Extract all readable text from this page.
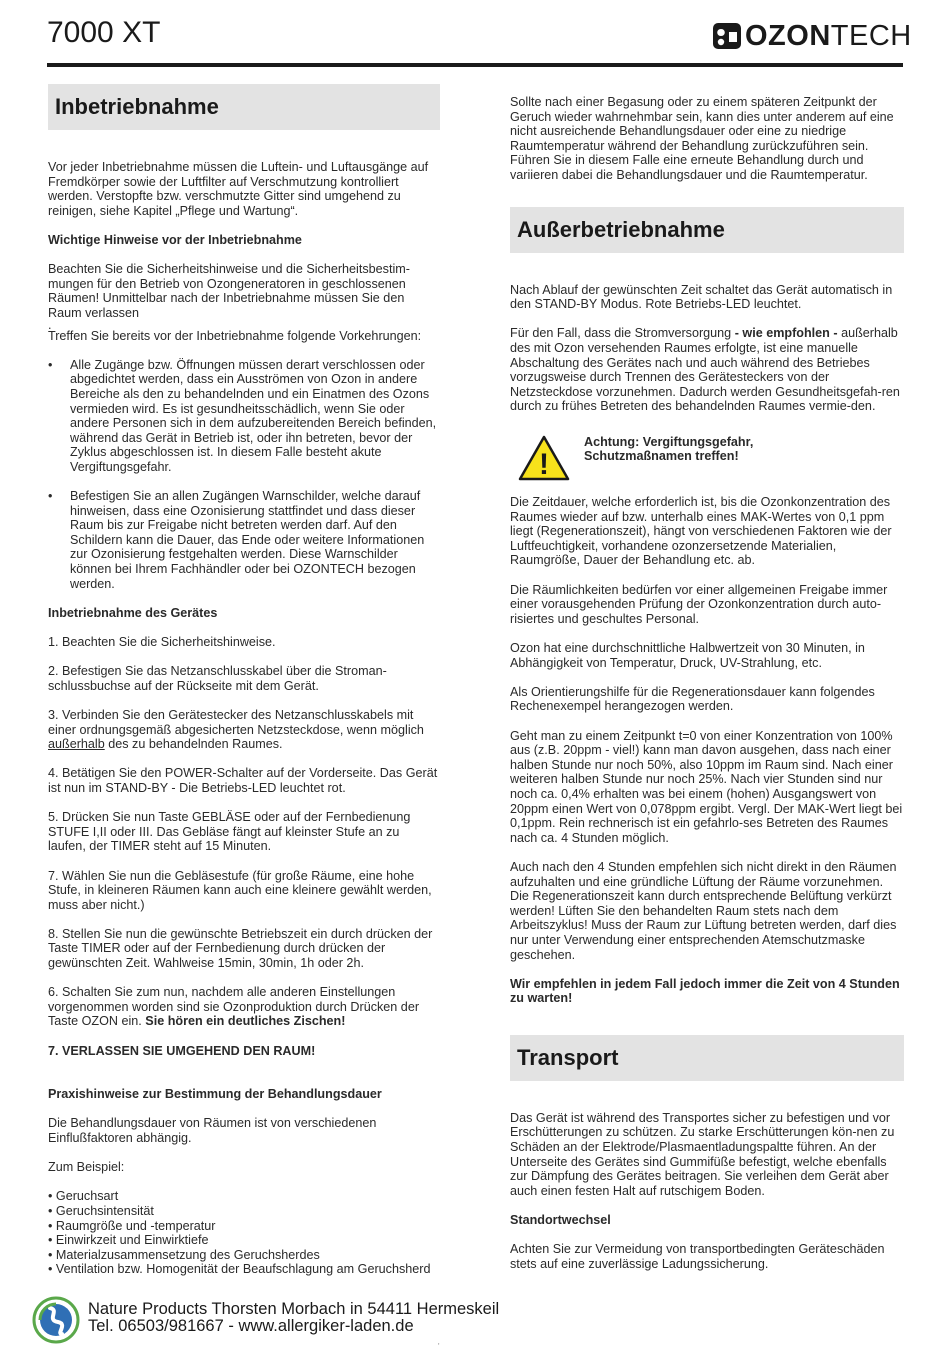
7000 XT	OZONTECH
Inbetriebnahme

Vor jeder Inbetriebnahme müssen die Luftein- und Luftausgänge auf Fremdkörper sowie der Luftfilter auf Verschmutzung kontrolliert werden. Verstopfte bzw. verschmutzte Gitter sind umgehend zu reinigen, siehe Kapitel „Pflege und Wartung“.

Wichtige Hinweise vor der Inbetriebnahme

Beachten Sie die Sicherheitshinweise und die Sicherheitsbestim-mungen für den Betrieb von Ozongeneratoren in geschlossenen Räumen! Unmittelbar nach der Inbetriebnahme müssen Sie den Raum verlassen

.

Treffen Sie bereits vor der Inbetriebnahme folgende Vorkehrungen:

•	Alle Zugänge bzw. Öffnungen müssen derart verschlossen oder abgedichtet werden, dass ein Ausströmen von Ozon in andere Bereiche als den zu behandelnden und ein Einatmen des Ozons vermieden wird. Es ist gesundheitsschädlich, wenn Sie oder andere Personen sich in dem aufzubereitenden Bereich befinden, während das Gerät in Betrieb ist, oder ihn betreten, bevor der Zyklus abgeschlossen ist. In diesem Falle besteht akute Vergiftungsgefahr.
•	Befestigen Sie an allen Zugängen Warnschilder, welche darauf hinweisen, dass eine Ozonisierung stattfindet und dass dieser Raum bis zur Freigabe nicht betreten werden darf. Auf den Schildern kann die Dauer, das Ende oder weitere Informationen zur Ozonisierung festgehalten werden. Diese Warnschilder können bei Ihrem Fachhändler oder bei OZONTECH bezogen werden.

Inbetriebnahme des Gerätes

1. Beachten Sie die Sicherheitshinweise.

2. Befestigen Sie das Netzanschlusskabel über die Stroman-schlussbuchse auf der Rückseite mit dem Gerät.

3. Verbinden Sie den Gerätestecker des Netzanschlusskabels mit einer ordnungsgemäß abgesicherten Netzsteckdose, wenn möglich außerhalb des zu behandelnden Raumes.

4. Betätigen Sie den POWER-Schalter auf der Vorderseite. Das Gerät ist nun im STAND-BY - Die Betriebs-LED leuchtet rot.

5. Drücken Sie nun Taste GEBLÄSE oder auf der Fernbedienung STUFE I,II oder III. Das Gebläse fängt auf kleinster Stufe an zu laufen, der TIMER steht auf 15 Minuten.

7. Wählen Sie nun die Gebläsestufe (für große Räume, eine hohe Stufe, in kleineren Räumen kann auch eine kleinere gewählt werden, muss aber nicht.)

8. Stellen Sie nun die gewünschte Betriebszeit ein durch drücken der Taste TIMER oder auf der Fernbedienung durch drücken der gewünschten Zeit. Wahlweise 15min, 30min, 1h oder 2h.

6. Schalten Sie zum nun, nachdem alle anderen Einstellungen vorgenommen worden sind sie Ozonproduktion durch Drücken der Taste OZON ein. Sie hören ein deutliches Zischen!

7. VERLASSEN SIE UMGEHEND DEN RAUM!

Praxishinweise zur Bestimmung der Behandlungsdauer

Die Behandlungsdauer von Räumen ist von verschiedenen Einflußfaktoren abhängig.

Zum Beispiel:

• Geruchsart
• Geruchsintensität
• Raumgröße und -temperatur
• Einwirkzeit und Einwirktiefe
• Materialzusammensetzung des Geruchsherdes
• Ventilation bzw. Homogenität der Beaufschlagung am Geruchsherd

Sollte nach einer Begasung oder zu einem späteren Zeitpunkt der Geruch wieder wahrnehmbar sein, kann dies unter anderem auf eine nicht ausreichende Behandlungsdauer oder eine zu niedrige Raumtemperatur während der Behandlung zurückzuführen sein. Führen Sie in diesem Falle eine erneute Behandlung durch und variieren dabei die Behandlungsdauer und die Raumtemperatur.

Außerbetriebnahme

Nach Ablauf der gewünschten Zeit schaltet das Gerät automatisch in den STAND-BY Modus. Rote Betriebs-LED leuchtet.

Für den Fall, dass die Stromversorgung - wie empfohlen - außerhalb des mit Ozon versehenden Raumes erfolgte, ist eine manuelle Abschaltung des Gerätes nach und auch während des Betriebes vorzugsweise durch Trennen des Gerätesteckers von der Netzsteckdose vorzunehmen. Dadurch werden Gesundheitsgefah-ren durch zu frühes Betreten des behandelnden Raumes vermie-den.

!
Achtung: Vergiftungsgefahr,
Schutzmaßnamen treffen!

Die Zeitdauer, welche erforderlich ist, bis die Ozonkonzentration des Raumes wieder auf bzw. unterhalb eines MAK-Wertes von 0,1 ppm liegt (Regenerationszeit), hängt von verschiedenen Faktoren wie der Luftfeuchtigkeit, vorhandene ozonzersetzende Materialien, Raumgröße, Dauer der Behandlung etc. ab.

Die Räumlichkeiten bedürfen vor einer allgemeinen Freigabe immer einer vorausgehenden Prüfung der Ozonkonzentration durch auto-risiertes und geschultes Personal.

Ozon hat eine durchschnittliche Halbwertzeit von 30 Minuten, in Abhängigkeit von Temperatur, Druck, UV-Strahlung, etc.

Als Orientierungshilfe für die Regenerationsdauer kann folgendes Rechenexempel herangezogen werden.

Geht man zu einem Zeitpunkt t=0 von einer Konzentration von 100% aus (z.B. 20ppm - viel!) kann man davon ausgehen, dass nach einer halben Stunde nur noch 50%, also 10ppm im Raum sind. Nach einer weiteren halben Stunde nur noch 25%. Nach vier Stunden sind nur noch ca. 0,4% erhalten was bei einem (hohen) Ausgangswert von 20ppm einen Wert von 0,078ppm ergibt. Vergl. Der MAK-Wert liegt bei 0,1ppm. Rein rechnerisch ist ein gefahrlo-ses Betreten des Raumes nach ca. 4 Stunden möglich.

Auch nach den 4 Stunden empfehlen sich nicht direkt in den Räumen aufzuhalten und eine gründliche Lüftung der Räume vorzunehmen. Die Regenerationszeit kann durch entsprechende Belüftung verkürzt werden! Lüften Sie den behandelten Raum stets nach dem Arbeitszyklus! Muss der Raum zur Lüftung betreten werden, darf dies nur unter Verwendung einer entsprechenden Atemschutzmaske geschehen.

Wir empfehlen in jedem Fall jedoch immer die Zeit von 4 Stunden zu warten!

Transport

Das Gerät ist während des Transportes sicher zu befestigen und vor Erschütterungen zu schützen. Zu starke Erschütterungen kön-nen zu Schäden an der Elektrode/Plasmaentladungspaltte führen. An der Unterseite des Gerätes sind Gummifüße befestigt, welche ebenfalls zur Dämpfung des Gerätes beitragen. Sie verleihen dem Gerät aber auch einen festen Halt auf rutschigem Boden.

Standortwechsel

Achten Sie zur Vermeidung von transportbedingten Geräteschäden stets auf eine zuverlässige Ladungssicherung.

Nature Products Thorsten Morbach in 54411 Hermeskeil
Tel. 06503/981667 - www.allergiker-laden.de
'
